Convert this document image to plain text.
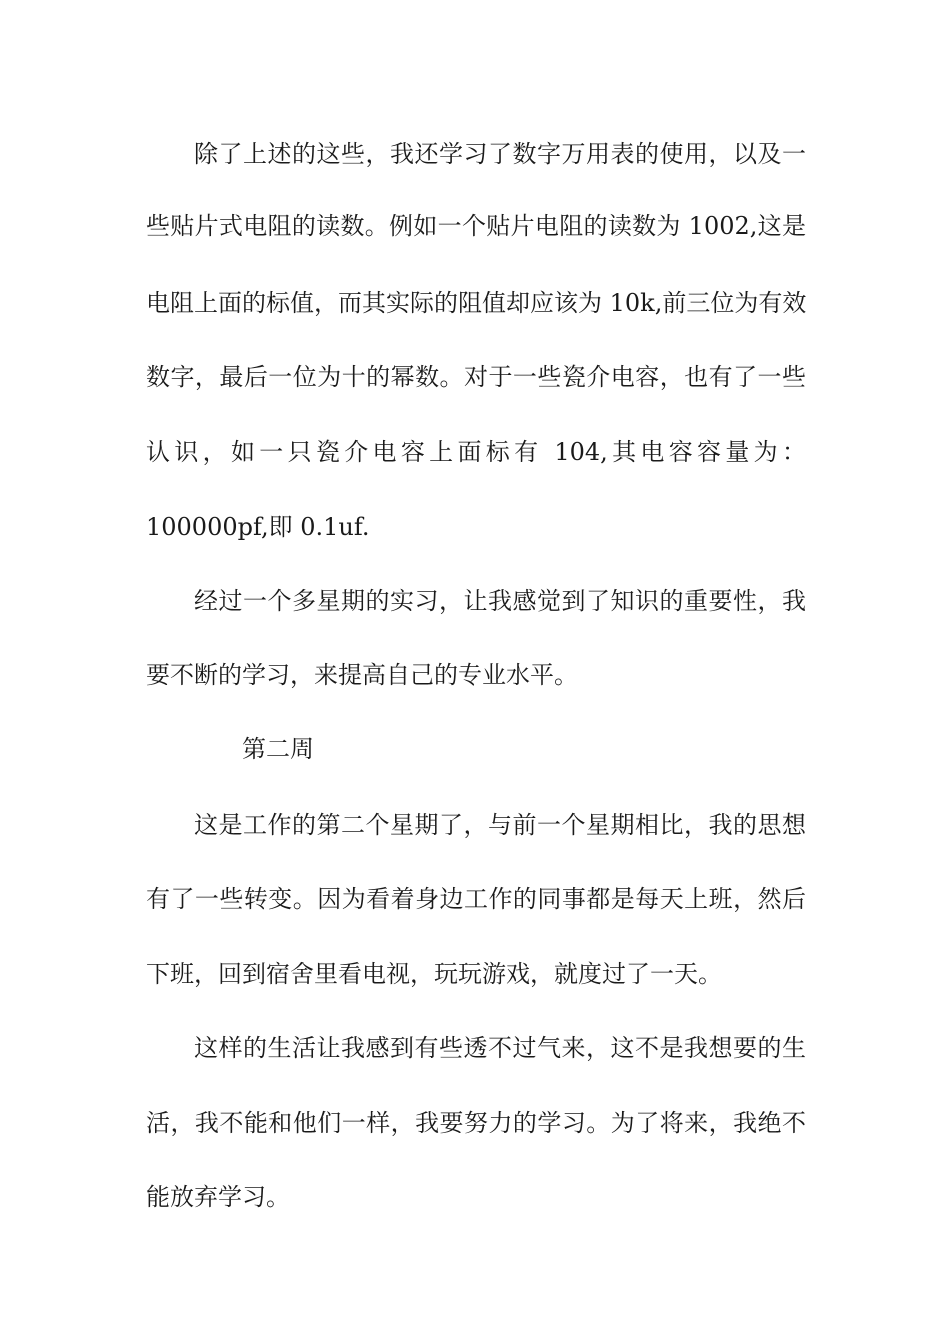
除了上述的这些，我还学习了数字万用表的使用，以及一
些贴片式电阻的读数。例如一个贴片电阻的读数为 1002,这是
电阻上面的标值，而其实际的阻值却应该为 10k,前三位为有效
数字，最后一位为十的幂数。对于一些瓷介电容，也有了一些
认识，如一只瓷介电容上面标有 104,其电容容量为：
100000pf,即 0.1uf.
经过一个多星期的实习，让我感觉到了知识的重要性，我
要不断的学习，来提高自己的专业水平。
第二周
这是工作的第二个星期了，与前一个星期相比，我的思想
有了一些转变。因为看着身边工作的同事都是每天上班，然后
下班，回到宿舍里看电视，玩玩游戏，就度过了一天。
这样的生活让我感到有些透不过气来，这不是我想要的生
活，我不能和他们一样，我要努力的学习。为了将来，我绝不
能放弃学习。
